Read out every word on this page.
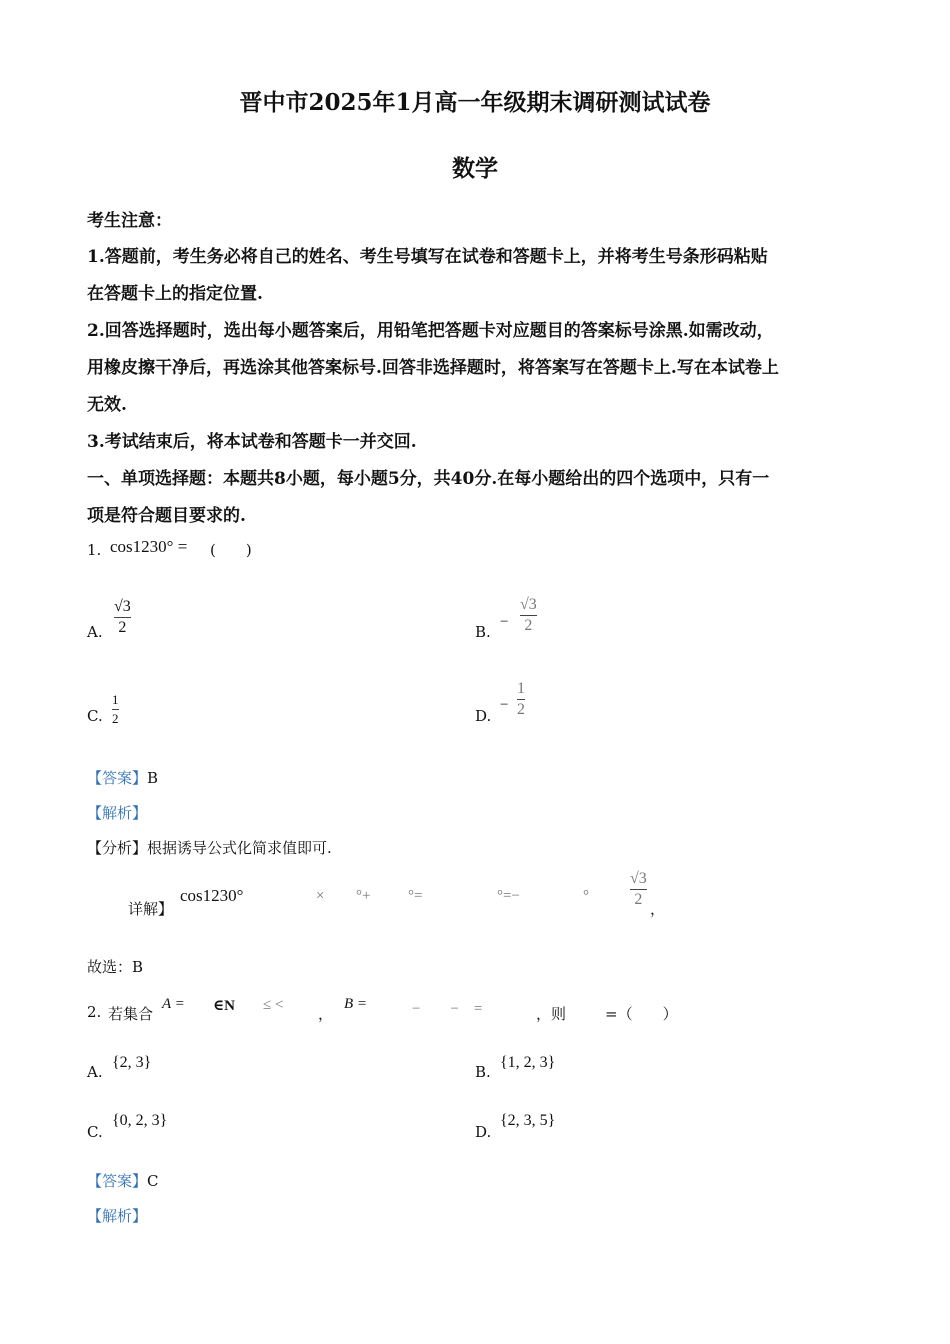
晋中市2025年1月高一年级期末调研测试试卷
数学
考生注意：
1.答题前，考生务必将自己的姓名、考生号填写在试卷和答题卡上，并将考生号条形码粘贴
在答题卡上的指定位置.
2.回答选择题时，选出每小题答案后，用铅笔把答题卡对应题目的答案标号涂黑.如需改动，
用橡皮擦干净后，再选涂其他答案标号.回答非选择题时，将答案写在答题卡上.写在本试卷上
无效.
3.考试结束后，将本试卷和答题卡一并交回.
一、单项选择题：本题共8小题，每小题5分，共40分.在每小题给出的四个选项中，只有一
项是符合题目要求的.
1. cos1230° = (　　)
A.
√3
2	B.
−
√3
2
C.
1
2	D.
−
1
2
【答案】B
【解析】
【分析】根据诱导公式化简求值即可.
详解】
cos1230°	× °+	°=	°=−	°
√3
2
，
故选：B
2. 若集合
A = ∈N ≤ < ，
B =	−　　−　=	，则	=（　　）
A.
{2, 3}
B.
{1, 2, 3}
C.
{0, 2, 3}
D.
{2, 3, 5}
【答案】C
【解析】
